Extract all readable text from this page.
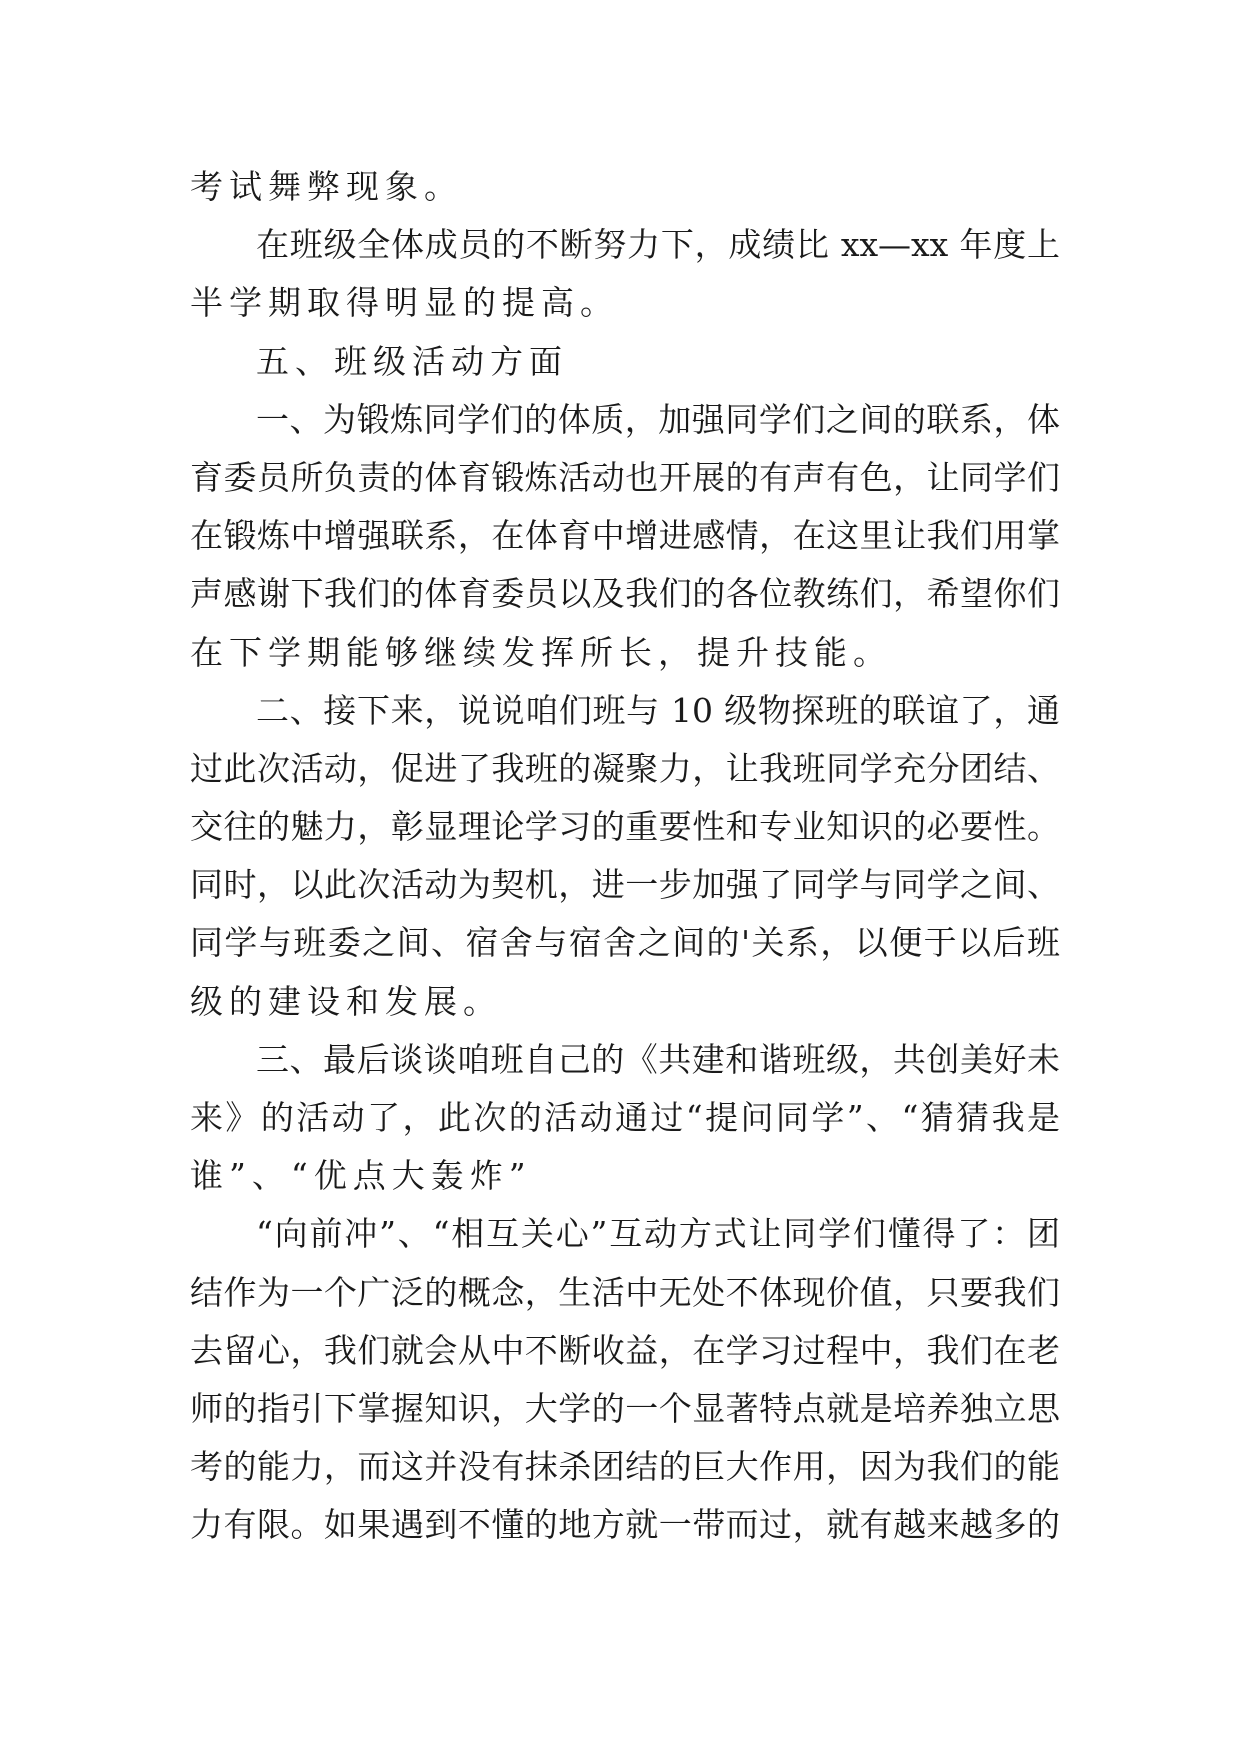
考试舞弊现象。
在班级全体成员的不断努力下，成绩比 xx—xx 年度上
半学期取得明显的提高。
五、班级活动方面
一、为锻炼同学们的体质，加强同学们之间的联系，体
育委员所负责的体育锻炼活动也开展的有声有色，让同学们
在锻炼中增强联系，在体育中增进感情，在这里让我们用掌
声感谢下我们的体育委员以及我们的各位教练们，希望你们
在下学期能够继续发挥所长，提升技能。
二、接下来，说说咱们班与 10 级物探班的联谊了，通
过此次活动，促进了我班的凝聚力，让我班同学充分团结、
交往的魅力，彰显理论学习的重要性和专业知识的必要性。
同时，以此次活动为契机，进一步加强了同学与同学之间、
同学与班委之间、宿舍与宿舍之间的'关系，以便于以后班
级的建设和发展。
三、最后谈谈咱班自己的《共建和谐班级，共创美好未
来》的活动了，此次的活动通过“提问同学”、“猜猜我是
谁”、“优点大轰炸”
“向前冲”、“相互关心”互动方式让同学们懂得了：团
结作为一个广泛的概念，生活中无处不体现价值，只要我们
去留心，我们就会从中不断收益，在学习过程中，我们在老
师的指引下掌握知识，大学的一个显著特点就是培养独立思
考的能力，而这并没有抹杀团结的巨大作用，因为我们的能
力有限。如果遇到不懂的地方就一带而过，就有越来越多的
